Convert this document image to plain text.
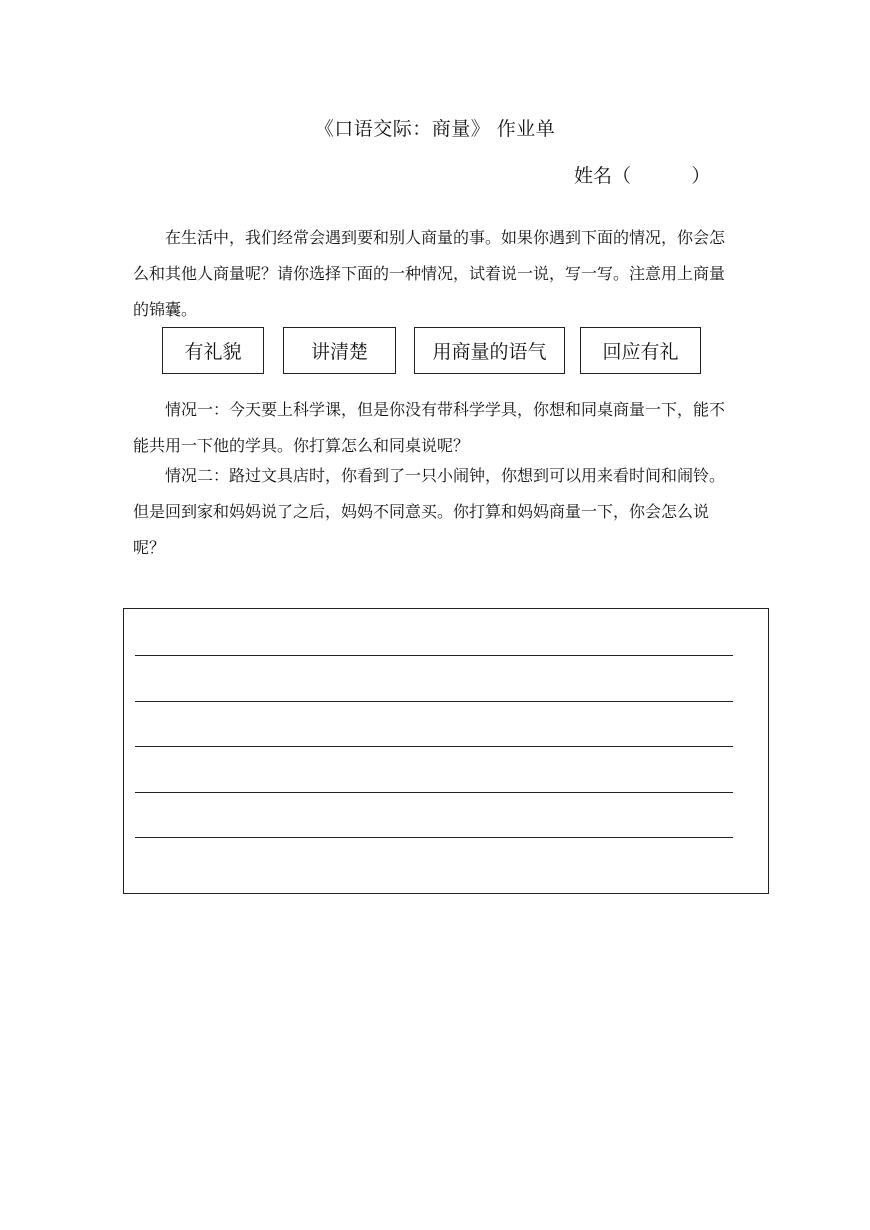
《口语交际：商量》 作业单
姓名（          ）

在生活中，我们经常会遇到要和别人商量的事。如果你遇到下面的情况，你会怎么和其他人商量呢？请你选择下面的一种情况，试着说一说，写一写。注意用上商量的锦囊。

有礼貌	讲清楚	用商量的语气	回应有礼

情况一：今天要上科学课，但是你没有带科学学具，你想和同桌商量一下，能不能共用一下他的学具。你打算怎么和同桌说呢？

情况二：路过文具店时，你看到了一只小闹钟，你想到可以用来看时间和闹铃。但是回到家和妈妈说了之后，妈妈不同意买。你打算和妈妈商量一下，你会怎么说呢？
